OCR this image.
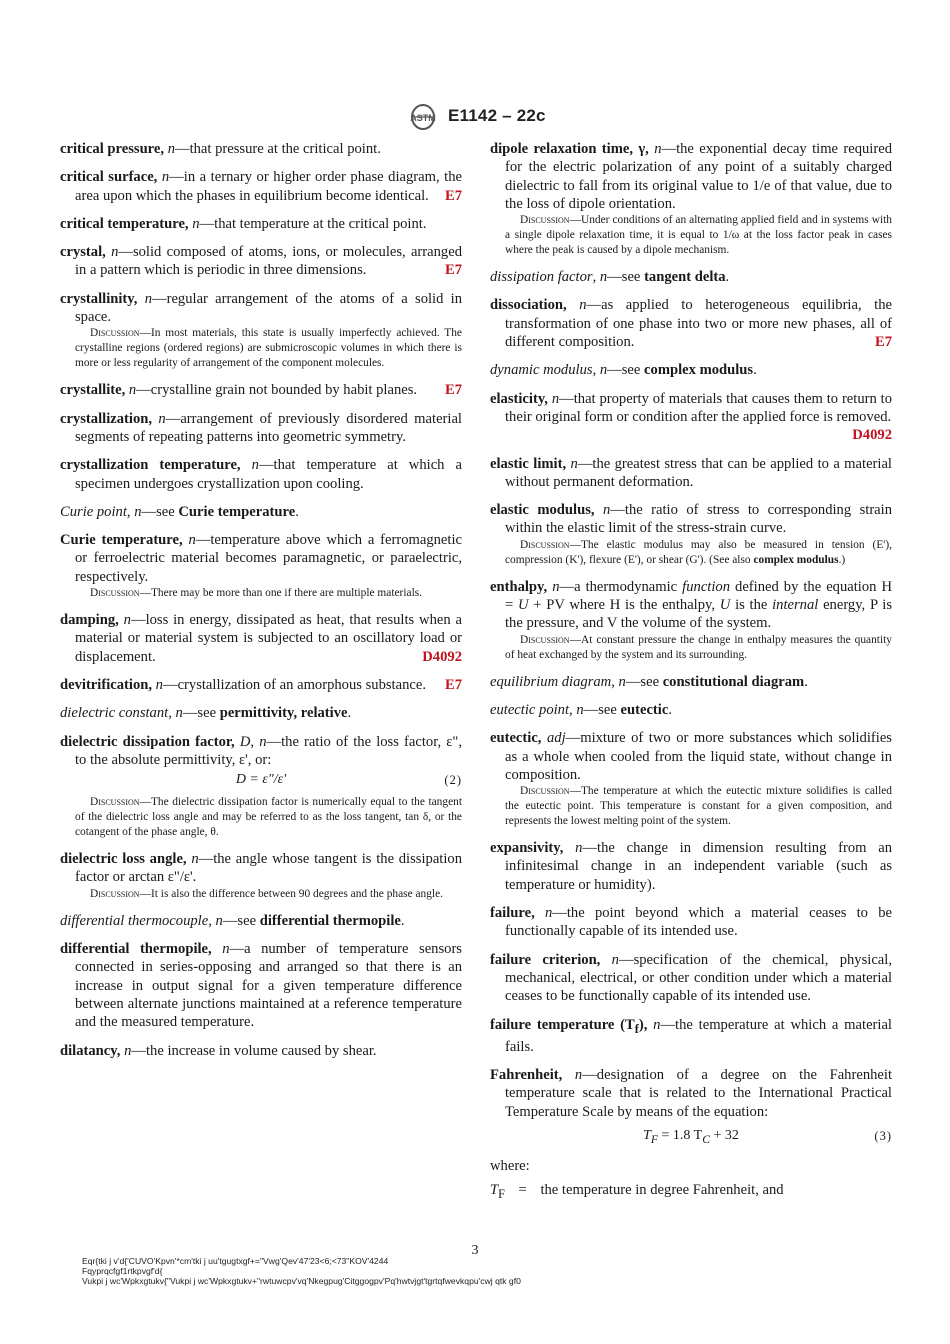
ASTM E1142 – 22c
critical pressure, n—that pressure at the critical point.
critical surface, n—in a ternary or higher order phase diagram, the area upon which the phases in equilibrium become identical. E7
critical temperature, n—that temperature at the critical point.
crystal, n—solid composed of atoms, ions, or molecules, arranged in a pattern which is periodic in three dimensions.	E7
crystallinity, n—regular arrangement of the atoms of a solid in space.
Discussion—In most materials, this state is usually imperfectly achieved. The crystalline regions (ordered regions) are submicroscopic volumes in which there is more or less regularity of arrangement of the component molecules.
crystallite, n—crystalline grain not bounded by habit planes. E7
crystallization, n—arrangement of previously disordered material segments of repeating patterns into geometric symmetry.
crystallization temperature, n—that temperature at which a specimen undergoes crystallization upon cooling.
Curie point, n—see Curie temperature.
Curie temperature, n—temperature above which a ferromagnetic or ferroelectric material becomes paramagnetic, or paraelectric, respectively.
Discussion—There may be more than one if there are multiple materials.
damping, n—loss in energy, dissipated as heat, that results when a material or material system is subjected to an oscillatory load or displacement.	D4092
devitrification, n—crystallization of an amorphous substance. E7
dielectric constant, n—see permittivity, relative.
dielectric dissipation factor, D, n—the ratio of the loss factor, ε", to the absolute permittivity, ε', or:
D = ε"/ε'	(2)
Discussion—The dielectric dissipation factor is numerically equal to the tangent of the dielectric loss angle and may be referred to as the loss tangent, tan δ, or the cotangent of the phase angle, θ.
dielectric loss angle, n—the angle whose tangent is the dissipation factor or arctan ε"/ε'.
Discussion—It is also the difference between 90 degrees and the phase angle.
differential thermocouple, n—see differential thermopile.
differential thermopile, n—a number of temperature sensors connected in series-opposing and arranged so that there is an increase in output signal for a given temperature difference between alternate junctions maintained at a reference temperature and the measured temperature.
dilatancy, n—the increase in volume caused by shear.
dipole relaxation time, γ, n—the exponential decay time required for the electric polarization of any point of a suitably charged dielectric to fall from its original value to 1/e of that value, due to the loss of dipole orientation.
Discussion—Under conditions of an alternating applied field and in systems with a single dipole relaxation time, it is equal to 1/ω at the loss factor peak in cases where the peak is caused by a dipole mechanism.
dissipation factor, n—see tangent delta.
dissociation, n—as applied to heterogeneous equilibria, the transformation of one phase into two or more new phases, all of different composition.	E7
dynamic modulus, n—see complex modulus.
elasticity, n—that property of materials that causes them to return to their original form or condition after the applied force is removed.
D4092
elastic limit, n—the greatest stress that can be applied to a material without permanent deformation.
elastic modulus, n—the ratio of stress to corresponding strain within the elastic limit of the stress-strain curve.
Discussion—The elastic modulus may also be measured in tension (E'), compression (K'), flexure (E'), or shear (G'). (See also complex modulus.)
enthalpy, n—a thermodynamic function defined by the equation H = U + PV where H is the enthalpy, U is the internal energy, P is the pressure, and V the volume of the system.
Discussion—At constant pressure the change in enthalpy measures the quantity of heat exchanged by the system and its surrounding.
equilibrium diagram, n—see constitutional diagram.
eutectic point, n—see eutectic.
eutectic, adj—mixture of two or more substances which solidifies as a whole when cooled from the liquid state, without change in composition.
Discussion—The temperature at which the eutectic mixture solidifies is called the eutectic point. This temperature is constant for a given composition, and represents the lowest melting point of the system.
expansivity, n—the change in dimension resulting from an infinitesimal change in an independent variable (such as temperature or humidity).
failure, n—the point beyond which a material ceases to be functionally capable of its intended use.
failure criterion, n—specification of the chemical, physical, mechanical, electrical, or other condition under which a material ceases to be functionally capable of its intended use.
failure temperature $(T_f)$, n—the temperature at which a material fails.
Fahrenheit, n—designation of a degree on the Fahrenheit temperature scale that is related to the International Practical Temperature Scale by means of the equation:
$T_F = 1.8$ $T_C + 32$	(3)
where:
$T_F$ = the temperature in degree Fahrenheit, and
3
Eqr{tki j v'd{'CUVO'Kpvn'*cm'tki j uu'tgugtxgf+="Vwg'Qev'47'23<6;<73"KOV'4244
Fqyprqcfgf1rtkpvgf'd{
Vukpi j wc'Wpkxgtukv{"Vukpi j wc'Wpkxgtukv+"rwtuwcpv'vq'Nkegpug'Citggogpv'Pq'hwtvjgt'tgrtqfwevkqpu'cwj qtk gf0
